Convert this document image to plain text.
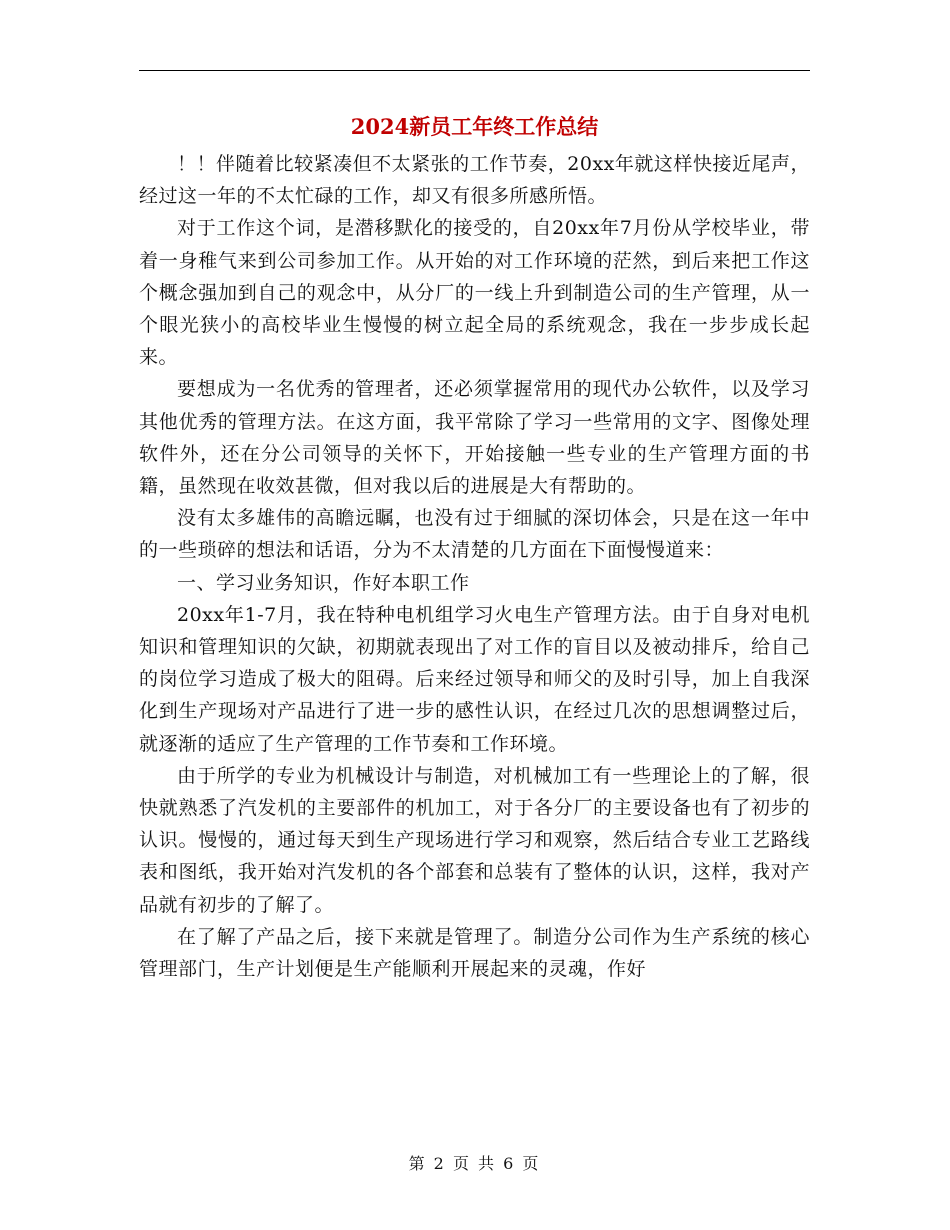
2024新员工年终工作总结

！！伴随着比较紧凑但不太紧张的工作节奏，20xx年就这样快接近尾声，经过这一年的不太忙碌的工作，却又有很多所感所悟。

对于工作这个词，是潜移默化的接受的，自20xx年7月份从学校毕业，带着一身稚气来到公司参加工作。从开始的对工作环境的茫然，到后来把工作这个概念强加到自己的观念中，从分厂的一线上升到制造公司的生产管理，从一个眼光狭小的高校毕业生慢慢的树立起全局的系统观念，我在一步步成长起来。

要想成为一名优秀的管理者，还必须掌握常用的现代办公软件，以及学习其他优秀的管理方法。在这方面，我平常除了学习一些常用的文字、图像处理软件外，还在分公司领导的关怀下，开始接触一些专业的生产管理方面的书籍，虽然现在收效甚微，但对我以后的进展是大有帮助的。

没有太多雄伟的高瞻远瞩，也没有过于细腻的深切体会，只是在这一年中的一些琐碎的想法和话语，分为不太清楚的几方面在下面慢慢道来：

一、学习业务知识，作好本职工作

20xx年1-7月，我在特种电机组学习火电生产管理方法。由于自身对电机知识和管理知识的欠缺，初期就表现出了对工作的盲目以及被动排斥，给自己的岗位学习造成了极大的阻碍。后来经过领导和师父的及时引导，加上自我深化到生产现场对产品进行了进一步的感性认识，在经过几次的思想调整过后，就逐渐的适应了生产管理的工作节奏和工作环境。

由于所学的专业为机械设计与制造，对机械加工有一些理论上的了解，很快就熟悉了汽发机的主要部件的机加工，对于各分厂的主要设备也有了初步的认识。慢慢的，通过每天到生产现场进行学习和观察，然后结合专业工艺路线表和图纸，我开始对汽发机的各个部套和总装有了整体的认识，这样，我对产品就有初步的了解了。

在了解了产品之后，接下来就是管理了。制造分公司作为生产系统的核心管理部门，生产计划便是生产能顺利开展起来的灵魂，作好

第 2 页 共 6 页
